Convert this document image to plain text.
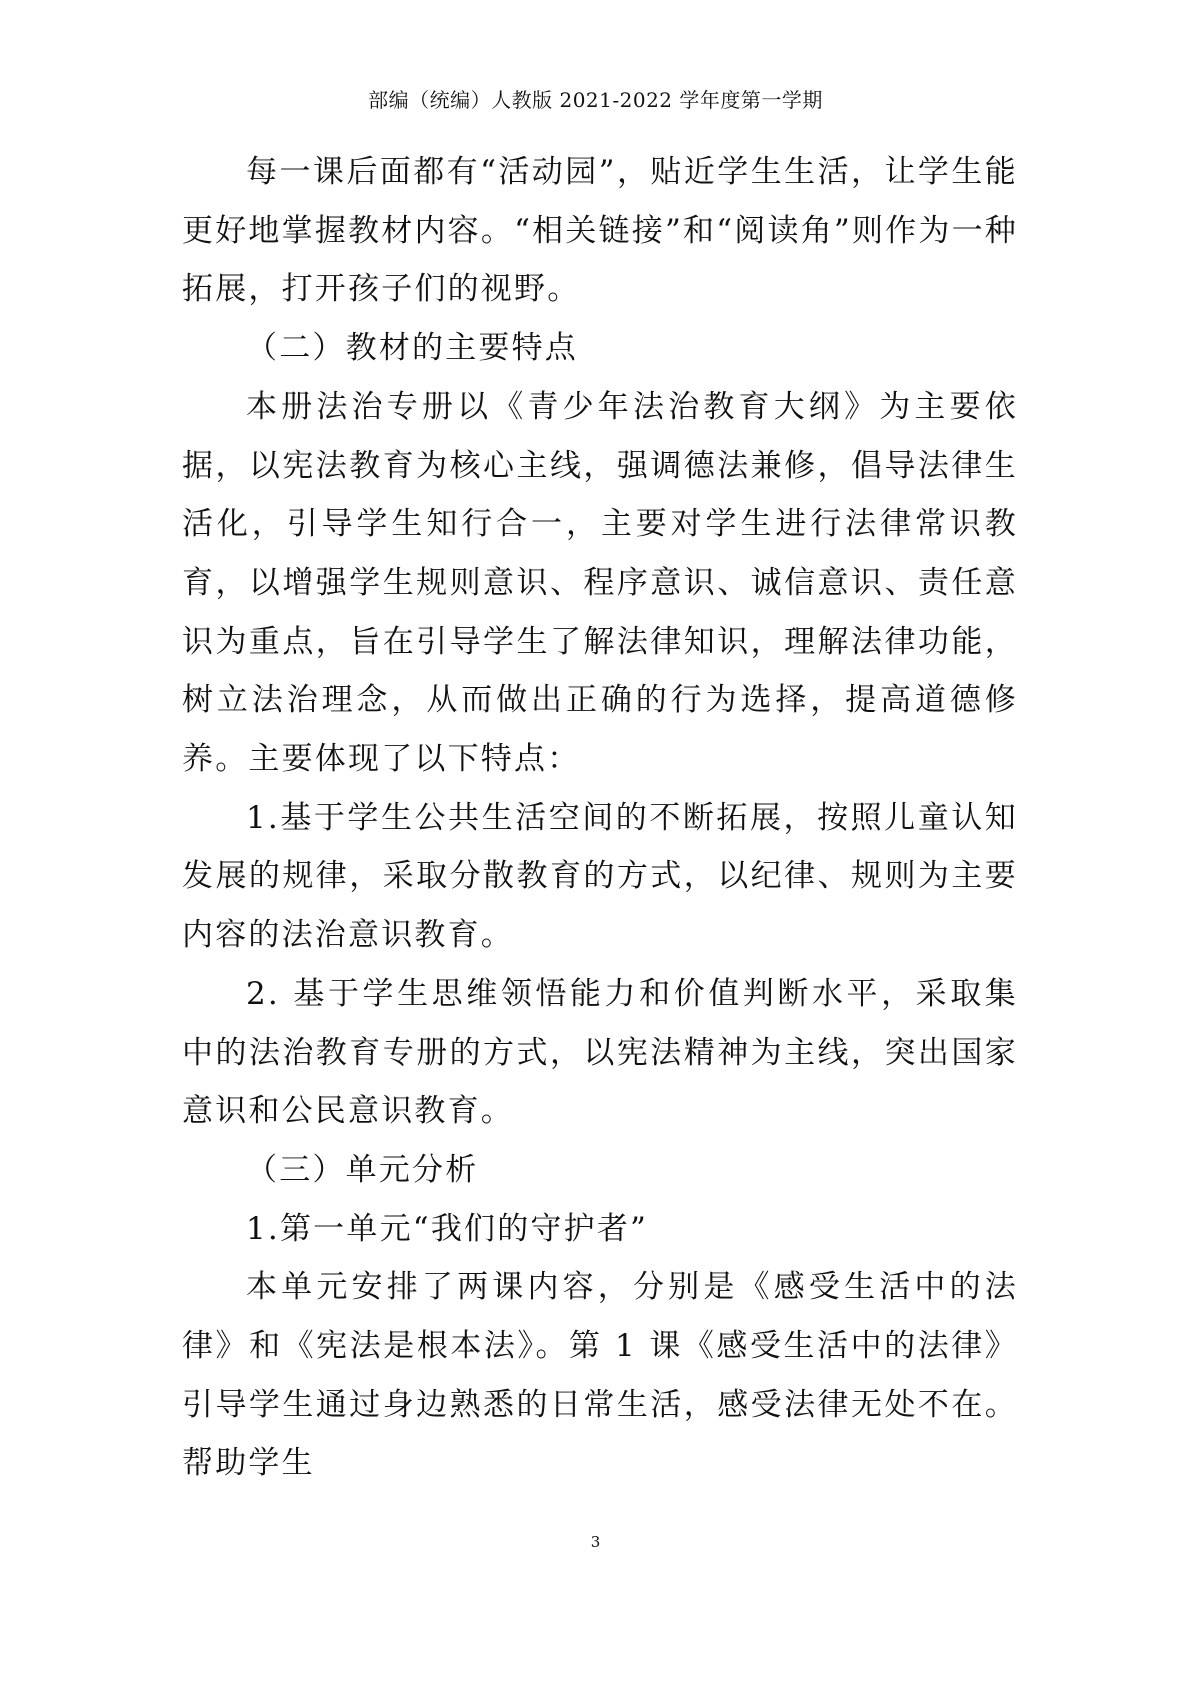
部编（统编）人教版 2021-2022 学年度第一学期

每一课后面都有“活动园”，贴近学生生活，让学生能更好地掌握教材内容。“相关链接”和“阅读角”则作为一种拓展，打开孩子们的视野。

（二）教材的主要特点

本册法治专册以《青少年法治教育大纲》为主要依据，以宪法教育为核心主线，强调德法兼修，倡导法律生活化，引导学生知行合一，主要对学生进行法律常识教育，以增强学生规则意识、程序意识、诚信意识、责任意识为重点，旨在引导学生了解法律知识，理解法律功能，树立法治理念，从而做出正确的行为选择，提高道德修养。主要体现了以下特点：

1.基于学生公共生活空间的不断拓展，按照儿童认知发展的规律，采取分散教育的方式，以纪律、规则为主要内容的法治意识教育。

2. 基于学生思维领悟能力和价值判断水平，采取集中的法治教育专册的方式，以宪法精神为主线，突出国家意识和公民意识教育。

（三）单元分析

1.第一单元“我们的守护者”

本单元安排了两课内容，分别是《感受生活中的法律》和《宪法是根本法》。第 1 课《感受生活中的法律》引导学生通过身边熟悉的日常生活，感受法律无处不在。帮助学生

3
